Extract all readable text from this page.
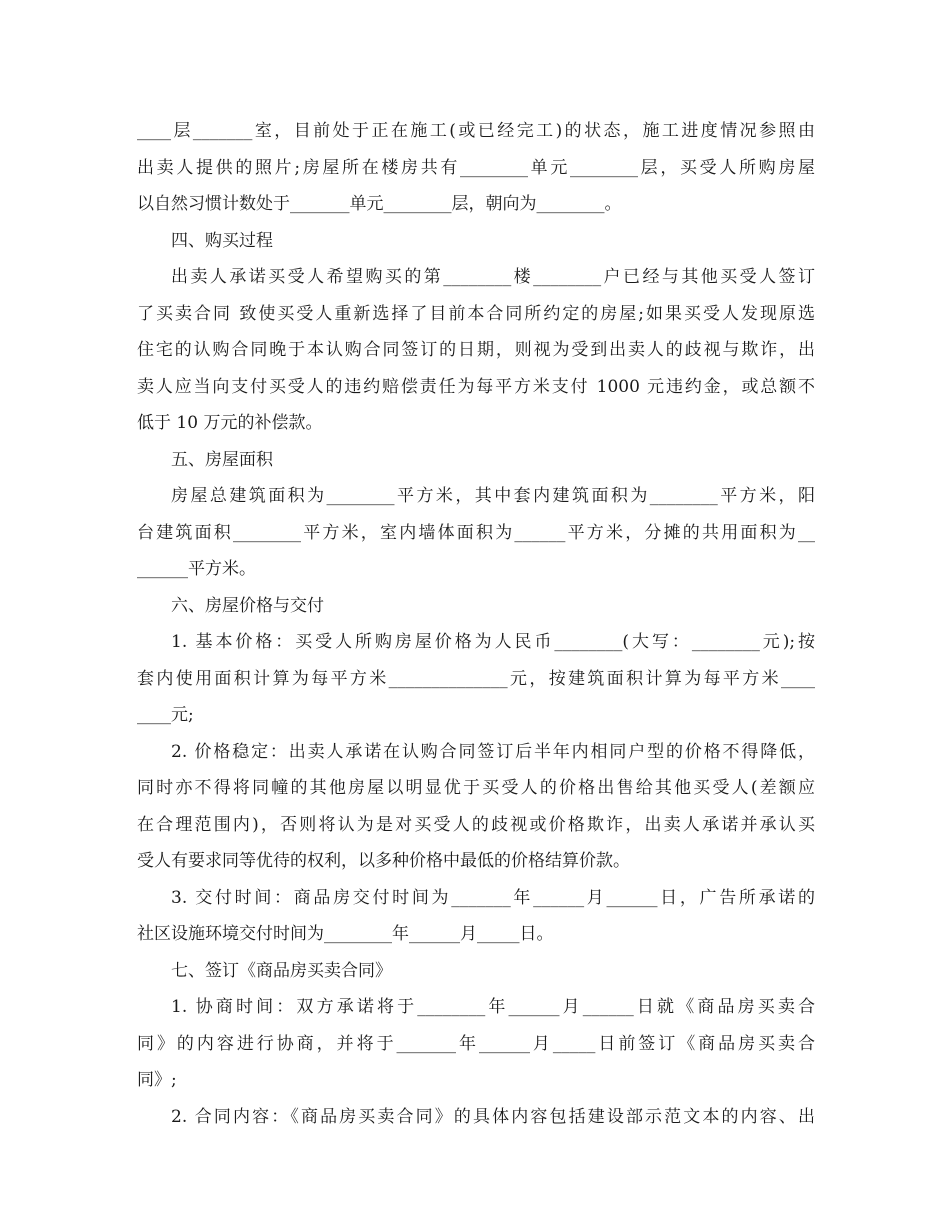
____层_______室，目前处于正在施工(或已经完工)的状态，施工进度情况参照由
出卖人提供的照片;房屋所在楼房共有________单元________层，买受人所购房屋
以自然习惯计数处于_______单元________层，朝向为________。
四、购买过程
出卖人承诺买受人希望购买的第________楼________户已经与其他买受人签订
了买卖合同 致使买受人重新选择了目前本合同所约定的房屋;如果买受人发现原选
住宅的认购合同晚于本认购合同签订的日期，则视为受到出卖人的歧视与欺诈，出
卖人应当向支付买受人的违约赔偿责任为每平方米支付 1000 元违约金，或总额不
低于 10 万元的补偿款。
五、房屋面积
房屋总建筑面积为________平方米，其中套内建筑面积为________平方米，阳
台建筑面积________平方米，室内墙体面积为______平方米，分摊的共用面积为__
______平方米。
六、房屋价格与交付
1. 基本价格：买受人所购房屋价格为人民币________(大写：________元);按
套内使用面积计算为每平方米______________元，按建筑面积计算为每平方米____
____元;
2. 价格稳定：出卖人承诺在认购合同签订后半年内相同户型的价格不得降低，
同时亦不得将同幢的其他房屋以明显优于买受人的价格出售给其他买受人(差额应
在合理范围内)，否则将认为是对买受人的歧视或价格欺诈，出卖人承诺并承认买
受人有要求同等优待的权利，以多种价格中最低的价格结算价款。
3. 交付时间：商品房交付时间为_______年______月______日，广告所承诺的
社区设施环境交付时间为________年______月_____日。
七、签订《商品房买卖合同》
1. 协商时间：双方承诺将于________年______月______日就《商品房买卖合
同》的内容进行协商，并将于_______年______月_____日前签订《商品房买卖合
同》;
2. 合同内容：《商品房买卖合同》的具体内容包括建设部示范文本的内容、出
